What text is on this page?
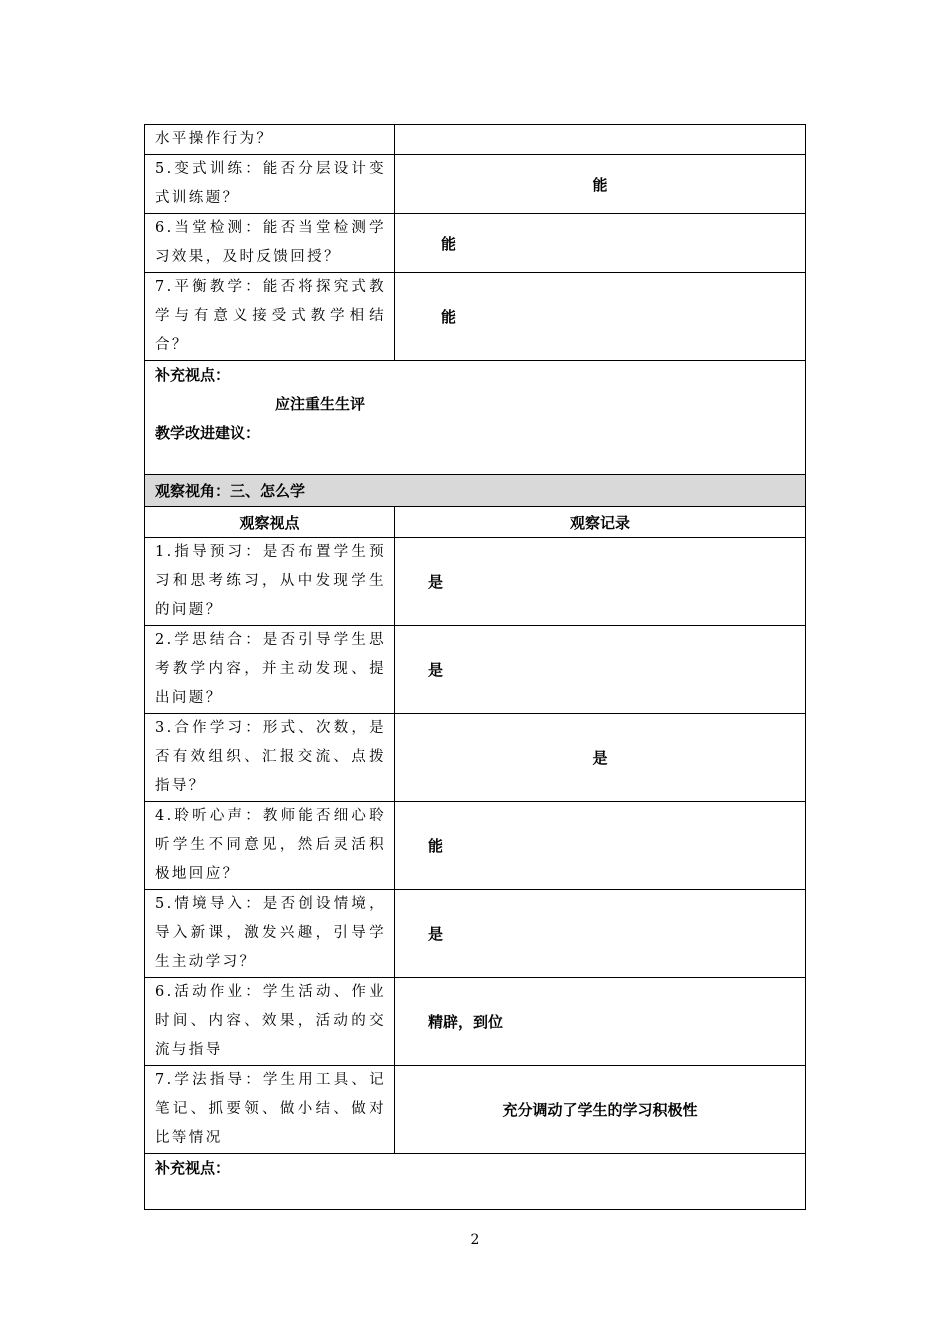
水平操作行为？	
5.变式训练：能否分层设计变式训练题？	能
6.当堂检测：能否当堂检测学习效果，及时反馈回授？	能
7.平衡教学：能否将探究式教学与有意义接受式教学相结合？	能

补充视点：
应注重生生评
教学改进建议：	

观察视角：三、怎么学	
观察视点	观察记录
1.指导预习：是否布置学生预习和思考练习，从中发现学生的问题？	是
2.学思结合：是否引导学生思考教学内容，并主动发现、提出问题？	是
3.合作学习：形式、次数，是否有效组织、汇报交流、点拨指导？	是
4.聆听心声：教师能否细心聆听学生不同意见，然后灵活积极地回应？	能
5.情境导入：是否创设情境，导入新课，激发兴趣，引导学生主动学习？	是
6.活动作业：学生活动、作业时间、内容、效果，活动的交流与指导	精辟，到位
7.学法指导：学生用工具、记笔记、抓要领、做小结、做对比等情况	充分调动了学生的学习积极性

补充视点：	
2
